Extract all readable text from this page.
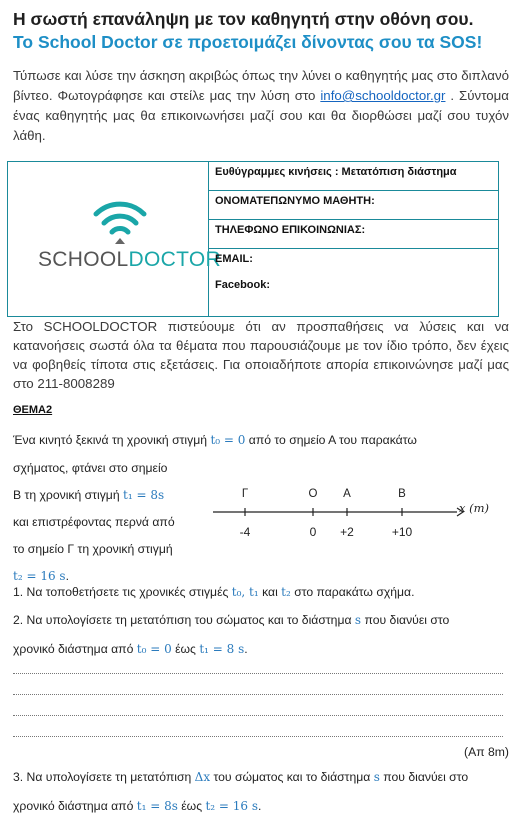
Η σωστή επανάληψη με τον καθηγητή στην οθόνη σου.
Το School Doctor σε προετοιμάζει δίνοντας σου τα SOS!
Τύπωσε και λύσε την άσκηση ακριβώς όπως την λύνει ο καθηγητής μας στο διπλανό βίντεο. Φωτογράφησε και στείλε μας την λύση στο info@schooldoctor.gr . Σύντομα ένας καθηγητής μας θα επικοινωνήσει μαζί σου και θα διορθώσει μαζί σου τυχόν λάθη.
SCHOOLDOCTOR
Ευθύγραμμες κινήσεις : Μετατόπιση διάστημα
ΟΝΟΜΑΤΕΠΩΝΥΜΟ ΜΑΘΗΤΗ:
ΤΗΛΕΦΩΝΟ ΕΠΙΚΟΙΝΩΝΙΑΣ:
EMAIL:
Facebook:
Στο SCHOOLDOCTOR πιστεύουμε ότι αν προσπαθήσεις να λύσεις και να κατανοήσεις σωστά όλα τα θέματα που παρουσιάζουμε με τον ίδιο τρόπο, δεν έχεις να φοβηθείς τίποτα στις εξετάσεις. Για οποιαδήποτε απορία επικοινώνησε μαζί μας στο 211-8008289
ΘΕΜΑ2
Ένα κινητό ξεκινά τη χρονική στιγμή t₀ = 0 από το σημείο Α του παρακάτω
σχήματος, φτάνει στο σημείο
Β τη χρονική στιγμή t₁ = 8s
και επιστρέφοντας περνά από
το σημείο Γ τη χρονική στιγμή
t₂ = 16 s.
Γ	Ο Α	Β
-4	0 +2	+10
x (m)
1. Να τοποθετήσετε τις χρονικές στιγμές t₀, t₁ και t₂ στο παρακάτω σχήμα.
2. Να υπολογίσετε τη μετατόπιση του σώματος και το διάστημα s που διανύει στο
χρονικό διάστημα από t₀ = 0 έως t₁ = 8 s.
(Απ 8m)
3. Να υπολογίσετε τη μετατόπιση Δx του σώματος και το διάστημα s που διανύει στο
χρονικό διάστημα από t₁ = 8s έως t₂ = 16 s.
